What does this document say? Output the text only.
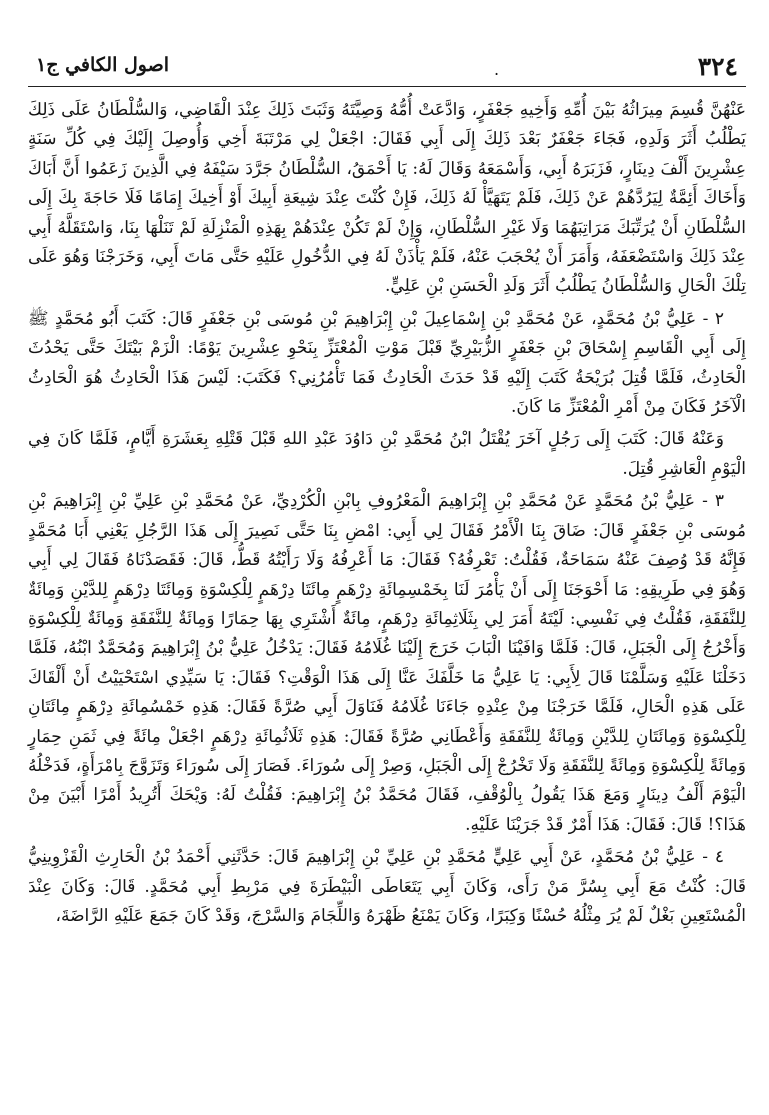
٣٢٤
.
اصول الكافي ج١

عَنْهُنَّ قُسِمَ مِيرَاثُهُ بَيْنَ أُمِّهِ وَأَخِيهِ جَعْفَرٍ، وَادَّعَتْ أُمُّهُ وَصِيَّتَهُ وَثَبَتَ ذَلِكَ عِنْدَ الْقَاضِي، وَالسُّلْطَانُ عَلَى ذَلِكَ يَطْلُبُ أَثَرَ وَلَدِهِ، فَجَاءَ جَعْفَرٌ بَعْدَ ذَلِكَ إِلَى أَبِي فَقَالَ: اجْعَلْ لِي مَرْتَبَةَ أَخِي وَأُوصِلَ إِلَيْكَ فِي كُلِّ سَنَةٍ عِشْرِينَ أَلْفَ دِينَارٍ، فَزَبَرَهُ أَبِي، وَأَسْمَعَهُ وَقَالَ لَهُ: يَا أَحْمَقُ، السُّلْطَانُ جَرَّدَ سَيْفَهُ فِي الَّذِينَ زَعَمُوا أَنَّ أَبَاكَ وَأَخَاكَ أَئِمَّةٌ لِيَرُدَّهُمْ عَنْ ذَلِكَ، فَلَمْ يَتَهَيَّأْ لَهُ ذَلِكَ، فَإِنْ كُنْتَ عِنْدَ شِيعَةِ أَبِيكَ أَوْ أَخِيكَ إِمَامًا فَلَا حَاجَةَ بِكَ إِلَى السُّلْطَانِ أَنْ يُرَتِّبَكَ مَرَاتِبَهُمَا وَلَا غَيْرِ السُّلْطَانِ، وَإِنْ لَمْ تَكُنْ عِنْدَهُمْ بِهَذِهِ الْمَنْزِلَةِ لَمْ تَنَلْهَا بِنَا، وَاسْتَقَلَّهُ أَبِي عِنْدَ ذَلِكَ وَاسْتَضْعَفَهُ، وَأَمَرَ أَنْ يُحْجَبَ عَنْهُ، فَلَمْ يَأْذَنْ لَهُ فِي الدُّخُولِ عَلَيْهِ حَتَّى مَاتَ أَبِي، وَخَرَجْنَا وَهُوَ عَلَى تِلْكَ الْحَالِ وَالسُّلْطَانُ يَطْلُبُ أَثَرَ وَلَدِ الْحَسَنِ بْنِ عَلِيٍّ.

٢ - عَلِيُّ بْنُ مُحَمَّدٍ، عَنْ مُحَمَّدِ بْنِ إِسْمَاعِيلَ بْنِ إِبْرَاهِيمَ بْنِ مُوسَى بْنِ جَعْفَرٍ قَالَ: كَتَبَ أَبُو مُحَمَّدٍ ﷺ إِلَى أَبِي الْقَاسِمِ إِسْحَاقَ بْنِ جَعْفَرٍ الزُّبَيْرِيِّ قَبْلَ مَوْتِ الْمُعْتَزِّ بِنَحْوِ عِشْرِينَ يَوْمًا: الْزَمْ بَيْتَكَ حَتَّى يَحْدُثَ الْحَادِثُ، فَلَمَّا قُتِلَ بُرَيْحَةُ كَتَبَ إِلَيْهِ قَدْ حَدَثَ الْحَادِثُ فَمَا تَأْمُرُنِي؟ فَكَتَبَ: لَيْسَ هَذَا الْحَادِثُ هُوَ الْحَادِثُ الْآخَرُ فَكَانَ مِنْ أَمْرِ الْمُعْتَزِّ مَا كَانَ.

وَعَنْهُ قَالَ: كَتَبَ إِلَى رَجُلٍ آخَرَ يُقْتَلُ ابْنُ مُحَمَّدِ بْنِ دَاوُدَ عَبْدِ اللهِ قَبْلَ قَتْلِهِ بِعَشَرَةِ أَيَّامٍ، فَلَمَّا كَانَ فِي الْيَوْمِ الْعَاشِرِ قُتِلَ.

٣ - عَلِيُّ بْنُ مُحَمَّدٍ عَنْ مُحَمَّدِ بْنِ إِبْرَاهِيمَ الْمَعْرُوفِ بِابْنِ الْكُرْدِيِّ، عَنْ مُحَمَّدِ بْنِ عَلِيِّ بْنِ إِبْرَاهِيمَ بْنِ مُوسَى بْنِ جَعْفَرٍ قَالَ: ضَاقَ بِنَا الْأَمْرُ فَقَالَ لِي أَبِي: امْضِ بِنَا حَتَّى نَصِيرَ إِلَى هَذَا الرَّجُلِ يَعْنِي أَبَا مُحَمَّدٍ فَإِنَّهُ قَدْ وُصِفَ عَنْهُ سَمَاحَةٌ، فَقُلْتُ: تَعْرِفُهُ؟ فَقَالَ: مَا أَعْرِفُهُ وَلَا رَأَيْتُهُ قَطُّ، قَالَ: فَقَصَدْنَاهُ فَقَالَ لِي أَبِي وَهُوَ فِي طَرِيقِهِ: مَا أَحْوَجَنَا إِلَى أَنْ يَأْمُرَ لَنَا بِخَمْسِمِائَةِ دِرْهَمٍ مِائَتَا دِرْهَمٍ لِلْكِسْوَةِ وَمِائَتَا دِرْهَمٍ لِلدَّيْنِ وَمِائَةٌ لِلنَّفَقَةِ، فَقُلْتُ فِي نَفْسِي: لَيْتَهُ أَمَرَ لِي بِثَلَاثِمِائَةِ دِرْهَمٍ، مِائَةٌ أَشْتَرِي بِهَا حِمَارًا وَمِائَةٌ لِلنَّفَقَةِ وَمِائَةٌ لِلْكِسْوَةِ وَأَخْرُجُ إِلَى الْجَبَلِ، قَالَ: فَلَمَّا وَافَيْنَا الْبَابَ خَرَجَ إِلَيْنَا غُلَامُهُ فَقَالَ: يَدْخُلُ عَلِيُّ بْنُ إِبْرَاهِيمَ وَمُحَمَّدٌ ابْنُهُ، فَلَمَّا دَخَلْنَا عَلَيْهِ وَسَلَّمْنَا قَالَ لِأَبِي: يَا عَلِيُّ مَا خَلَّفَكَ عَنَّا إِلَى هَذَا الْوَقْتِ؟ فَقَالَ: يَا سَيِّدِي اسْتَحْيَيْتُ أَنْ أَلْقَاكَ عَلَى هَذِهِ الْحَالِ، فَلَمَّا خَرَجْنَا مِنْ عِنْدِهِ جَاءَنَا غُلَامُهُ فَنَاوَلَ أَبِي صُرَّةً فَقَالَ: هَذِهِ خَمْسُمِائَةِ دِرْهَمٍ مِائَتَانِ لِلْكِسْوَةِ وَمِائَتَانِ لِلدَّيْنِ وَمِائَةٌ لِلنَّفَقَةِ وَأَعْطَانِي صُرَّةً فَقَالَ: هَذِهِ ثَلَاثُمِائَةِ دِرْهَمٍ اجْعَلْ مِائَةً فِي ثَمَنِ حِمَارٍ وَمِائَةً لِلْكِسْوَةِ وَمِائَةً لِلنَّفَقَةِ وَلَا تَخْرُجْ إِلَى الْجَبَلِ، وَصِرْ إِلَى سُورَاءَ. فَصَارَ إِلَى سُورَاءَ وَتَزَوَّجَ بِامْرَأَةٍ، فَدَخْلُهُ الْيَوْمَ أَلْفُ دِينَارٍ وَمَعَ هَذَا يَقُولُ بِالْوُقْفِ، فَقَالَ مُحَمَّدُ بْنُ إِبْرَاهِيمَ: فَقُلْتُ لَهُ: وَيْحَكَ أَتُرِيدُ أَمْرًا أَبْيَنَ مِنْ هَذَا؟! قَالَ: فَقَالَ: هَذَا أَمْرٌ قَدْ جَرَيْنَا عَلَيْهِ.

٤ - عَلِيُّ بْنُ مُحَمَّدٍ، عَنْ أَبِي عَلِيٍّ مُحَمَّدِ بْنِ عَلِيِّ بْنِ إِبْرَاهِيمَ قَالَ: حَدَّثَنِي أَحْمَدُ بْنُ الْحَارِثِ الْقَزْوِينِيُّ قَالَ: كُنْتُ مَعَ أَبِي بِسُرَّ مَنْ رَأَى، وَكَانَ أَبِي يَتَعَاطَى الْبَيْطَرَةَ فِي مَرْبِطِ أَبِي مُحَمَّدٍ. قَالَ: وَكَانَ عِنْدَ الْمُسْتَعِينِ بَغْلٌ لَمْ يُرَ مِثْلُهُ حُسْنًا وَكِبَرًا، وَكَانَ يَمْنَعُ ظَهْرَهُ وَاللِّجَامَ وَالسَّرْجَ، وَقَدْ كَانَ جَمَعَ عَلَيْهِ الرَّاضَةَ،
